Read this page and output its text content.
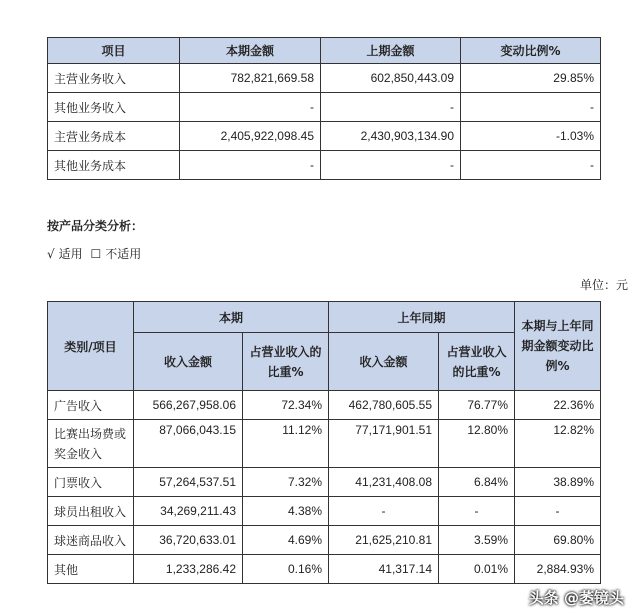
项目	本期金额	上期金额	变动比例%
主营业务收入	782,821,669.58	602,850,443.09	29.85%
其他业务收入	-	-	-
主营业务成本	2,405,922,098.45	2,430,903,134.90	-1.03%
其他业务成本	-	-	-
按产品分类分析：
√ 适用 ☐ 不适用
单位：元
类别/项目	本期		上年同期		本期与上年同期金额变动比例%
	收入金额	占营业收入的比重%	收入金额	占营业收入的比重%	
广告收入	566,267,958.06	72.34%	462,780,605.55	76.77%	22.36%
比赛出场费或奖金收入	87,066,043.15	11.12%	77,171,901.51	12.80%	12.82%
门票收入	57,264,537.51	7.32%	41,231,408.08	6.84%	38.89%
球员出租收入	34,269,211.43	4.38%	-	-	-
球迷商品收入	36,720,633.01	4.69%	21,625,210.81	3.59%	69.80%
其他	1,233,286.42	0.16%	41,317.14	0.01%	2,884.93%
头条 @萎镜头
